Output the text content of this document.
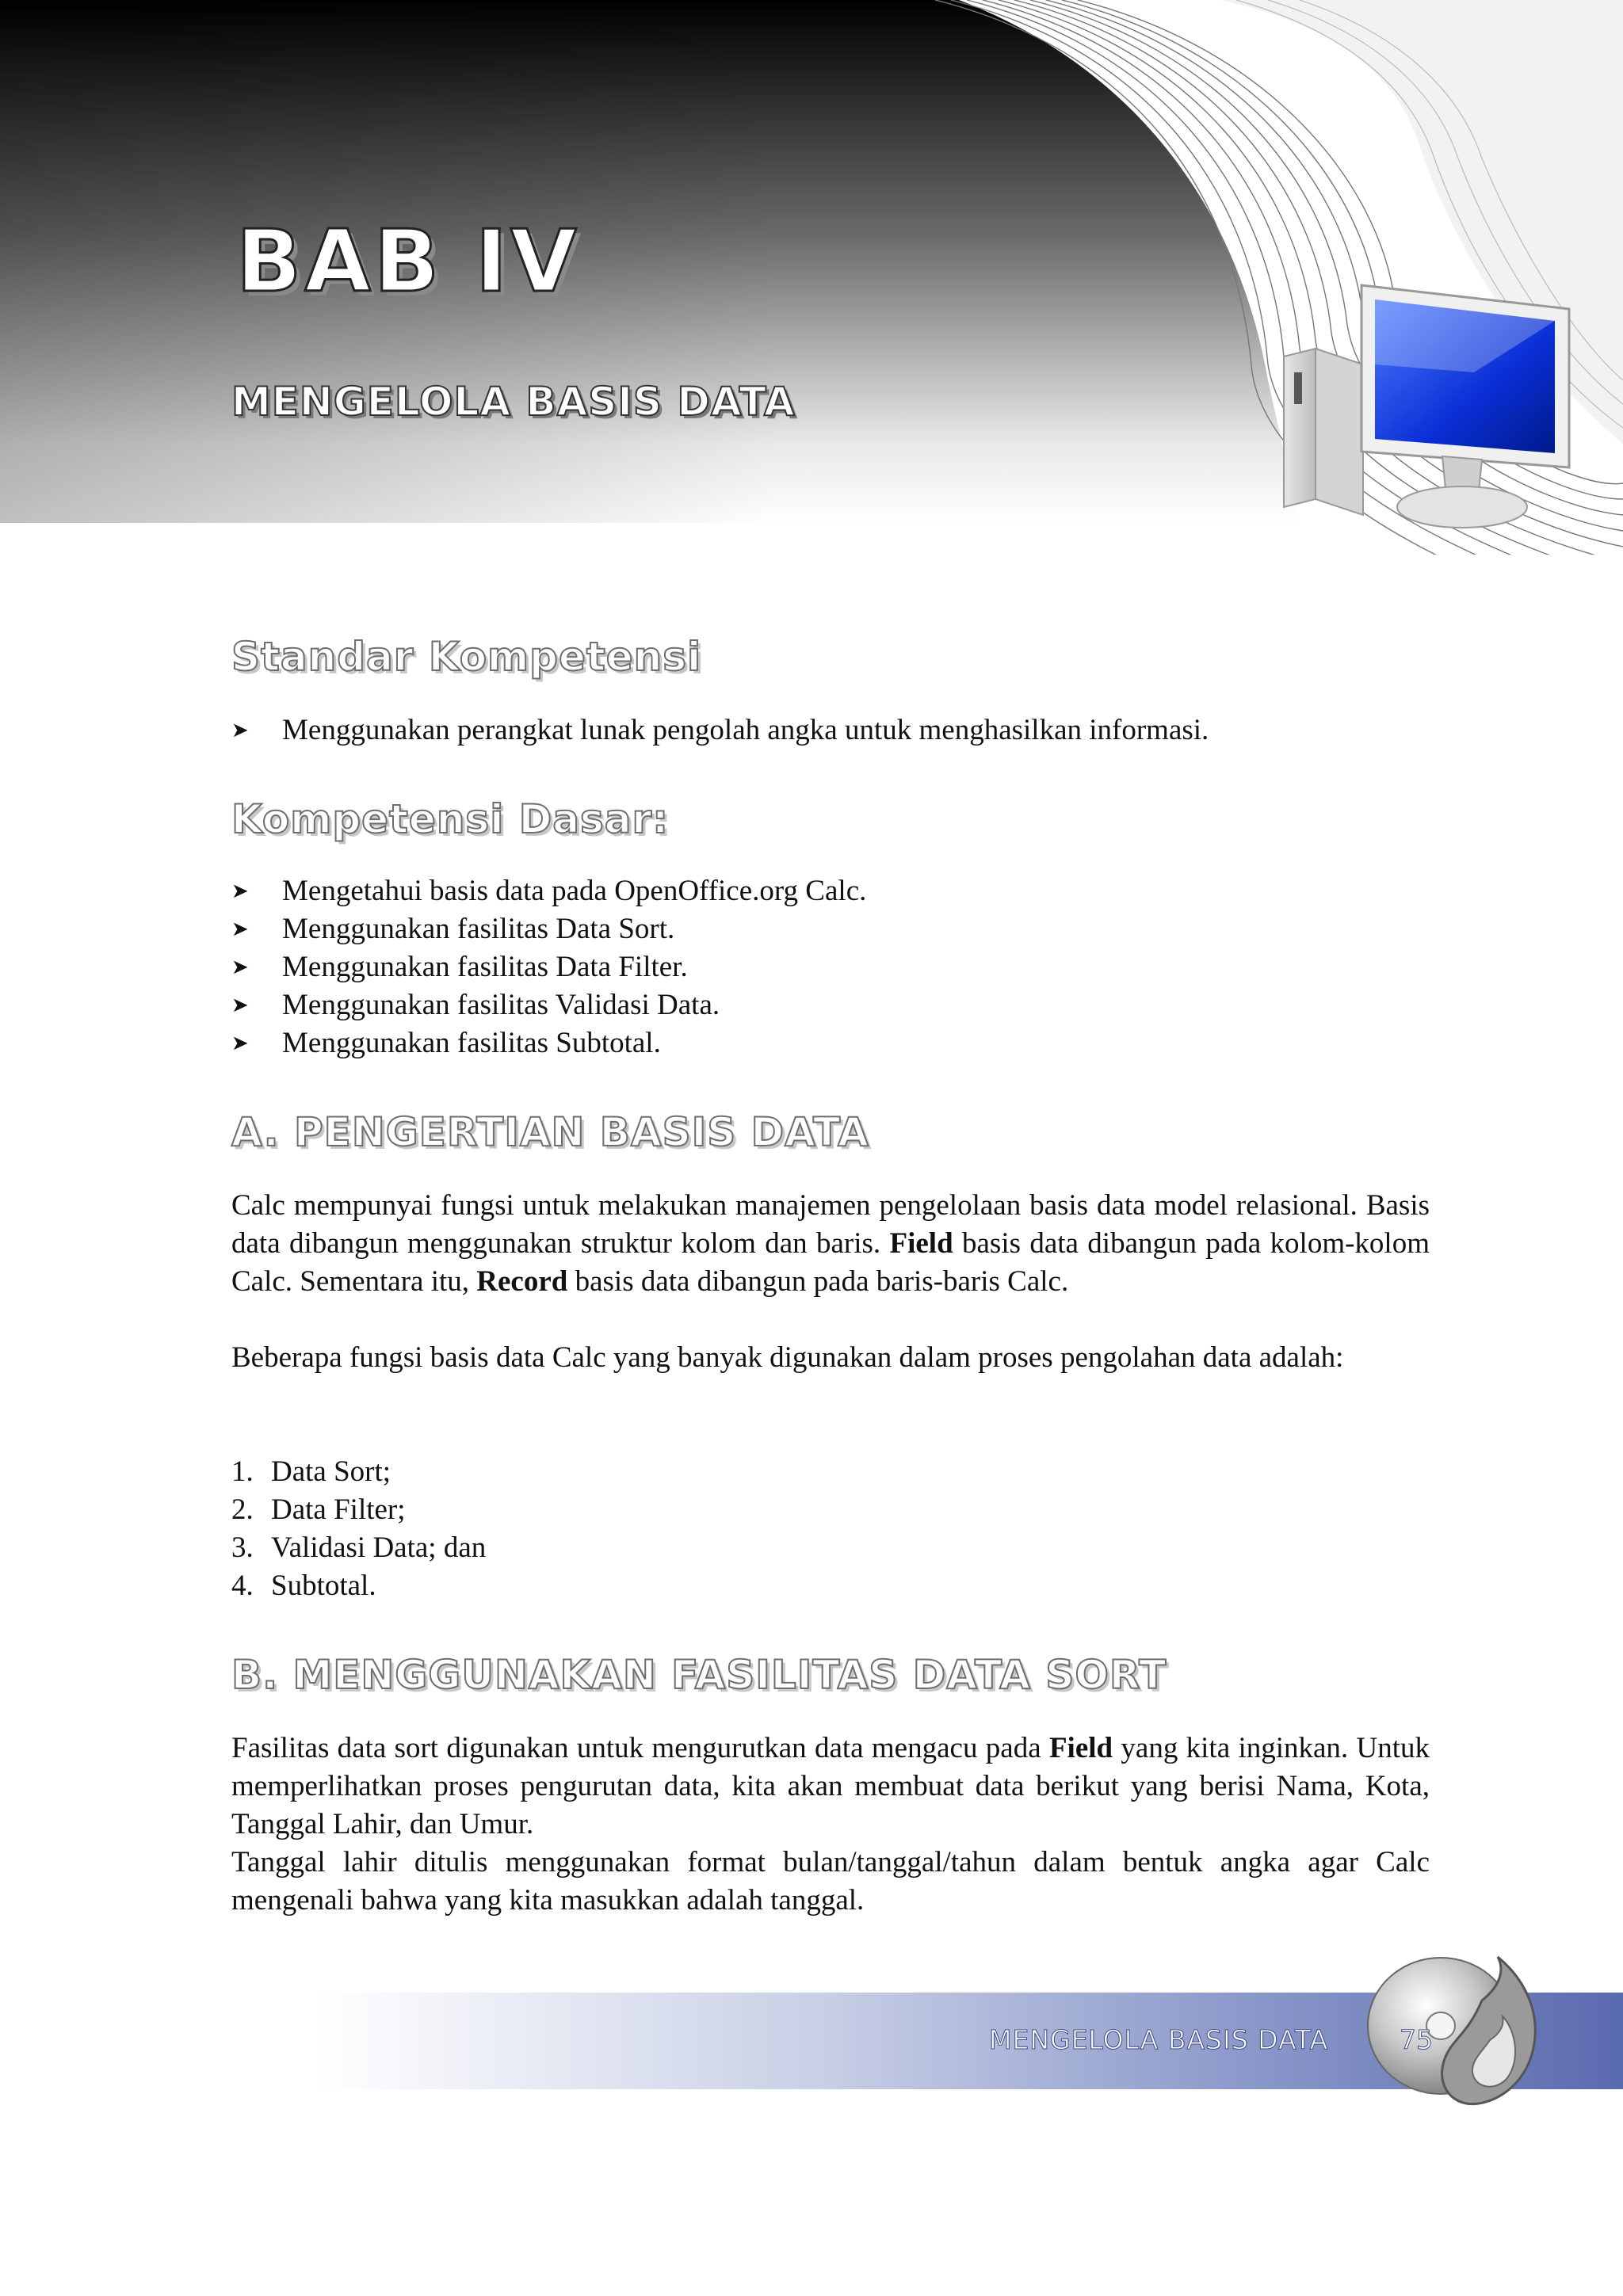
BAB IV
MENGELOLA BASIS DATA
Standar Kompetensi
➤ Menggunakan perangkat lunak pengolah angka untuk menghasilkan informasi.
Kompetensi Dasar:
➤ Mengetahui basis data pada OpenOffice.org Calc.
➤ Menggunakan fasilitas Data Sort.
➤ Menggunakan fasilitas Data Filter.
➤ Menggunakan fasilitas Validasi Data.
➤ Menggunakan fasilitas Subtotal.
A. PENGERTIAN BASIS DATA

Calc mempunyai fungsi untuk melakukan manajemen pengelolaan basis data model relasional. Basis data dibangun menggunakan struktur kolom dan baris. Field basis data dibangun pada kolom-kolom Calc. Sementara itu, Record basis data dibangun pada baris-baris Calc.

Beberapa fungsi basis data Calc yang banyak digunakan dalam proses pengolahan data adalah:

1. Data Sort;
2. Data Filter;
3. Validasi Data; dan
4. Subtotal.
B. MENGGUNAKAN FASILITAS DATA SORT

Fasilitas data sort digunakan untuk mengurutkan data mengacu pada Field yang kita inginkan. Untuk memperlihatkan proses pengurutan data, kita akan membuat data berikut yang berisi Nama, Kota, Tanggal Lahir, dan Umur.

Tanggal lahir ditulis menggunakan format bulan/tanggal/tahun dalam bentuk angka agar Calc mengenali bahwa yang kita masukkan adalah tanggal.

MENGELOLA BASIS DATA	75
